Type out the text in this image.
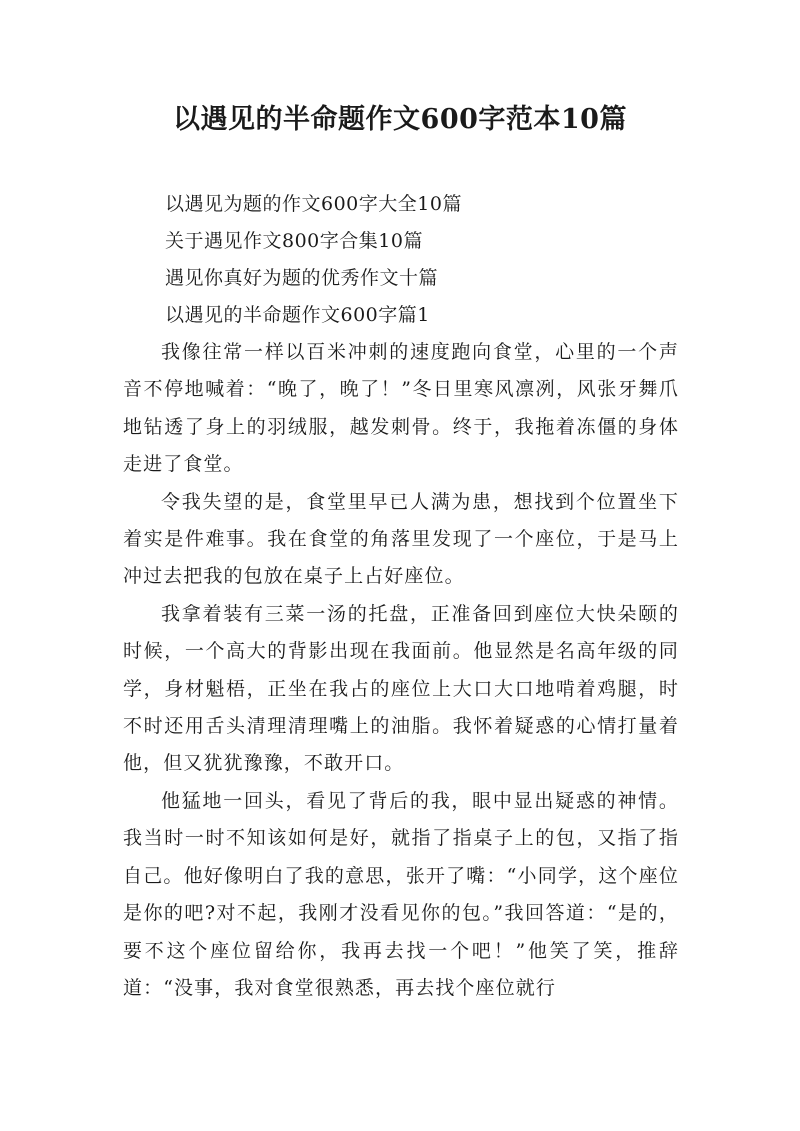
以遇见的半命题作文600字范本10篇
以遇见为题的作文600字大全10篇
关于遇见作文800字合集10篇
遇见你真好为题的优秀作文十篇
以遇见的半命题作文600字篇1

我像往常一样以百米冲刺的速度跑向食堂，心里的一个声音不停地喊着：“晚了，晚了！”冬日里寒风凛冽，风张牙舞爪地钻透了身上的羽绒服，越发刺骨。终于，我拖着冻僵的身体走进了食堂。

令我失望的是，食堂里早已人满为患，想找到个位置坐下着实是件难事。我在食堂的角落里发现了一个座位，于是马上冲过去把我的包放在桌子上占好座位。

我拿着装有三菜一汤的托盘，正准备回到座位大快朵颐的时候，一个高大的背影出现在我面前。他显然是名高年级的同学，身材魁梧，正坐在我占的座位上大口大口地啃着鸡腿，时不时还用舌头清理清理嘴上的油脂。我怀着疑惑的心情打量着他，但又犹犹豫豫，不敢开口。

他猛地一回头，看见了背后的我，眼中显出疑惑的神情。我当时一时不知该如何是好，就指了指桌子上的包，又指了指自己。他好像明白了我的意思，张开了嘴：“小同学，这个座位是你的吧?对不起，我刚才没看见你的包。”我回答道：“是的，要不这个座位留给你，我再去找一个吧！”他笑了笑，推辞道：“没事，我对食堂很熟悉，再去找个座位就行
